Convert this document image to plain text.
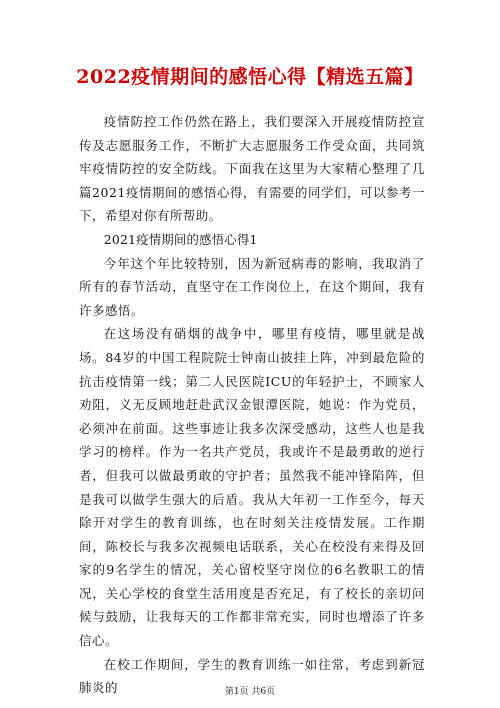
2022疫情期间的感悟心得【精选五篇】

疫情防控工作仍然在路上，我们要深入开展疫情防控宣传及志愿服务工作，不断扩大志愿服务工作受众面，共同筑牢疫情防控的安全防线。下面我在这里为大家精心整理了几篇2021疫情期间的感悟心得，有需要的同学们，可以参考一下，希望对你有所帮助。

2021疫情期间的感悟心得1

今年这个年比较特别，因为新冠病毒的影响，我取消了所有的春节活动，直坚守在工作岗位上，在这个期间，我有许多感悟。

在这场没有硝烟的战争中，哪里有疫情，哪里就是战场。84岁的中国工程院院士钟南山披挂上阵，冲到最危险的抗击疫情第一线；第二人民医院ICU的年轻护士，不顾家人劝阻，义无反顾地赶赴武汉金银潭医院，她说：作为党员，必须冲在前面。这些事迹让我多次深受感动，这些人也是我学习的榜样。作为一名共产党员，我或许不是最勇敢的逆行者，但我可以做最勇敢的守护者；虽然我不能冲锋陷阵，但是我可以做学生强大的后盾。我从大年初一工作至今，每天除开对学生的教育训练，也在时刻关注疫情发展。工作期间，陈校长与我多次视频电话联系，关心在校没有来得及回家的9名学生的情况，关心留校坚守岗位的6名教职工的情况，关心学校的食堂生活用度是否充足，有了校长的亲切问候与鼓励，让我每天的工作都非常充实，同时也增添了许多信心。

在校工作期间，学生的教育训练一如往常，考虑到新冠肺炎的	第1页 共6页
